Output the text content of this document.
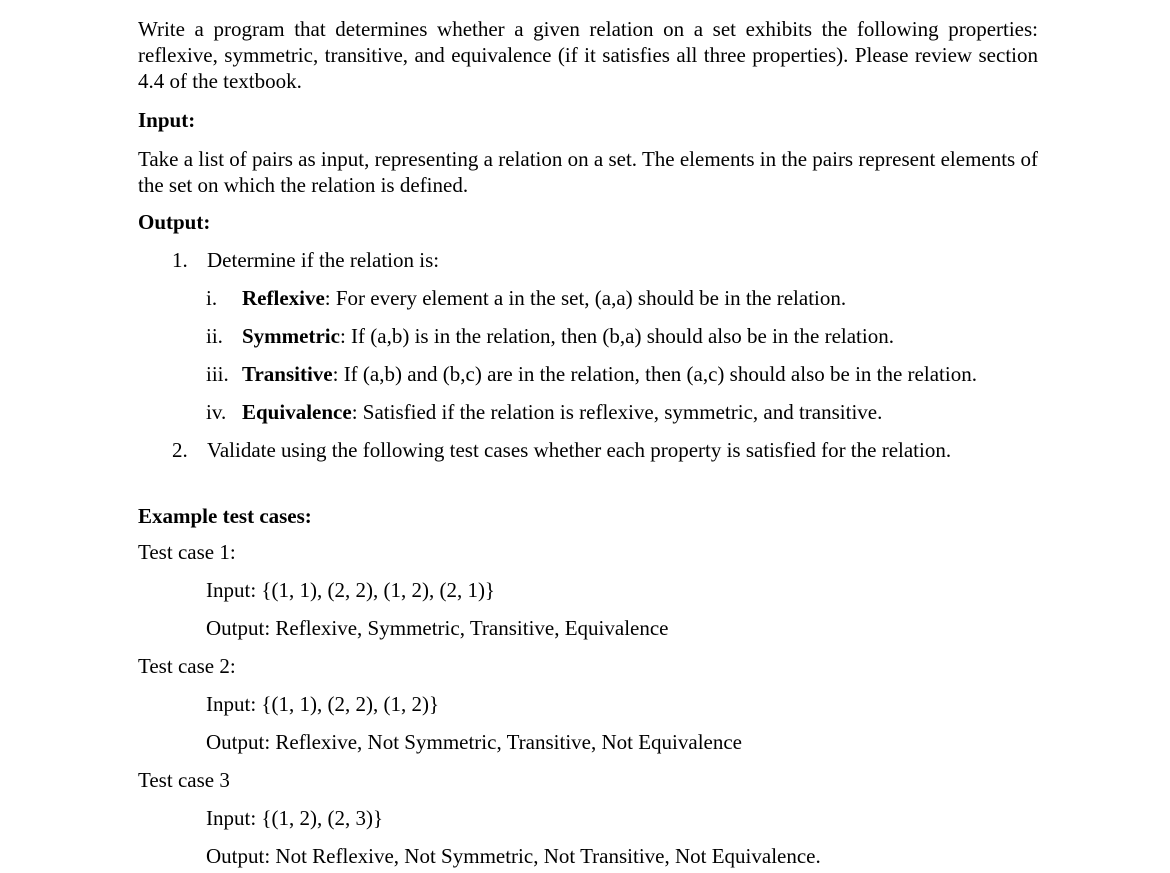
Write a program that determines whether a given relation on a set exhibits the following properties: reflexive, symmetric, transitive, and equivalence (if it satisfies all three properties). Please review section 4.4 of the textbook.

Input:

Take a list of pairs as input, representing a relation on a set. The elements in the pairs represent elements of the set on which the relation is defined.

Output:

1. Determine if the relation is:

i. Reflexive: For every element a in the set, (a,a) should be in the relation.

ii. Symmetric: If (a,b) is in the relation, then (b,a) should also be in the relation.

iii. Transitive: If (a,b) and (b,c) are in the relation, then (a,c) should also be in the relation.

iv. Equivalence: Satisfied if the relation is reflexive, symmetric, and transitive.

2. Validate using the following test cases whether each property is satisfied for the relation.

Example test cases:

Test case 1:

Input: {(1, 1), (2, 2), (1, 2), (2, 1)}

Output: Reflexive, Symmetric, Transitive, Equivalence

Test case 2:

Input: {(1, 1), (2, 2), (1, 2)}

Output: Reflexive, Not Symmetric, Transitive, Not Equivalence

Test case 3

Input: {(1, 2), (2, 3)}

Output: Not Reflexive, Not Symmetric, Not Transitive, Not Equivalence.
